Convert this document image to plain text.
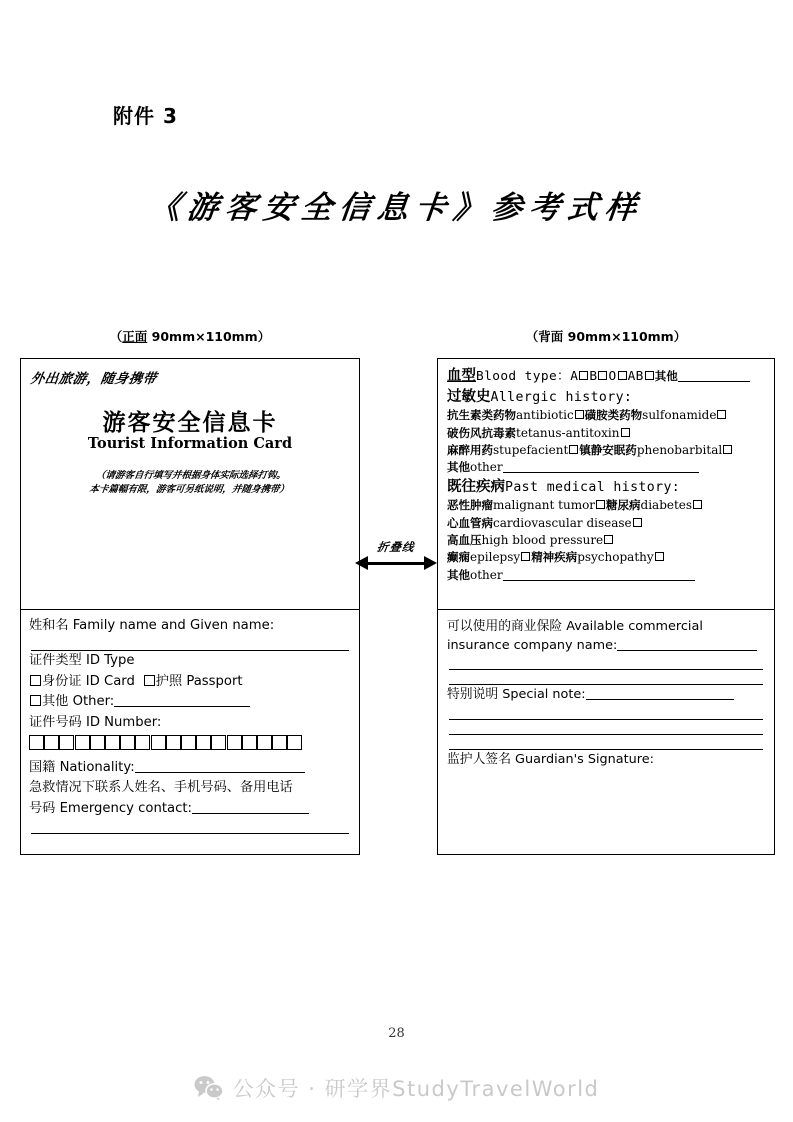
附件 3
《游客安全信息卡》参考式样
（正面 90mm×110mm）	（背面 90mm×110mm）
外出旅游，随身携带
游客安全信息卡
Tourist Information Card
（请游客自行填写并根据身体实际选择打钩。
本卡篇幅有限，游客可另纸说明，并随身携带）
姓和名 Family name and Given name:
证件类型 ID Type
身份证 ID Card 护照 Passport
其他 Other:
证件号码 ID Number:
国籍 Nationality:
急救情况下联系人姓名、手机号码、备用电话
号码 Emergency contact:
血型Blood type：A B O AB 其他
过敏史Allergic history:
抗生素类药物antibiotic 磺胺类药物sulfonamide
破伤风抗毒素tetanus-antitoxin
麻醉用药stupefacient 镇静安眠药phenobarbital
其他other
既往疾病Past medical history:
恶性肿瘤malignant tumor 糖尿病diabetes
心血管病cardiovascular disease
高血压high blood pressure
癫痫epilepsy 精神疾病psychopathy
其他other
可以使用的商业保险 Available commercial
insurance company name:
特别说明 Special note:
监护人签名 Guardian's Signature:
折叠线
28
公众号 · 研学界StudyTravelWorld
